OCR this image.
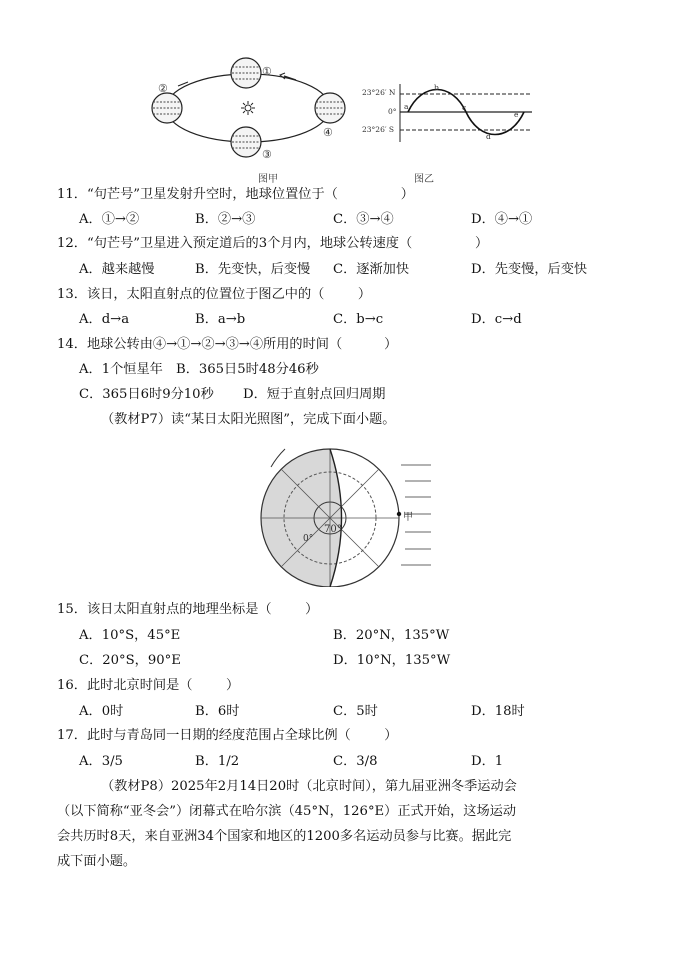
①
②
③
④
图甲
23°26′ N
0°
23°26′ S
a
b
c
d
e
图乙
11．“句芒号”卫星发射升空时，地球位置位于（               ）
A．①→②	B．②→③	C．③→④	D．④→①
12．“句芒号”卫星进入预定道后的3个月内，地球公转速度（               ）
A．越来越慢	B．先变快，后变慢 C．逐渐加快	D．先变慢，后变快
13．该日，太阳直射点的位置位于图乙中的（        ）
A．d→a	B．a→b	C．b→c	D．c→d
14．地球公转由④→①→②→③→④所用的时间（          ）
A．1个恒星年 B．365日5时48分46秒
C．365日6时9分10秒 D．短于直射点回归周期
（教材P7）读“某日太阳光照图”，完成下面小题。
70°
0°
甲
15．该日太阳直射点的地理坐标是（        ）
A．10°S，45°E	B．20°N，135°W
C．20°S，90°E	D．10°N，135°W
16．此时北京时间是（        ）
A．0时	B．6时	C．5时	D．18时
17．此时与青岛同一日期的经度范围占全球比例（        ）
A．3/5	B．1/2	C．3/8	D．1
（教材P8）2025年2月14日20时（北京时间），第九届亚洲冬季运动会
（以下简称“亚冬会”）闭幕式在哈尔滨（45°N，126°E）正式开始，这场运动
会共历时8天，来自亚洲34个国家和地区的1200多名运动员参与比赛。据此完
成下面小题。
